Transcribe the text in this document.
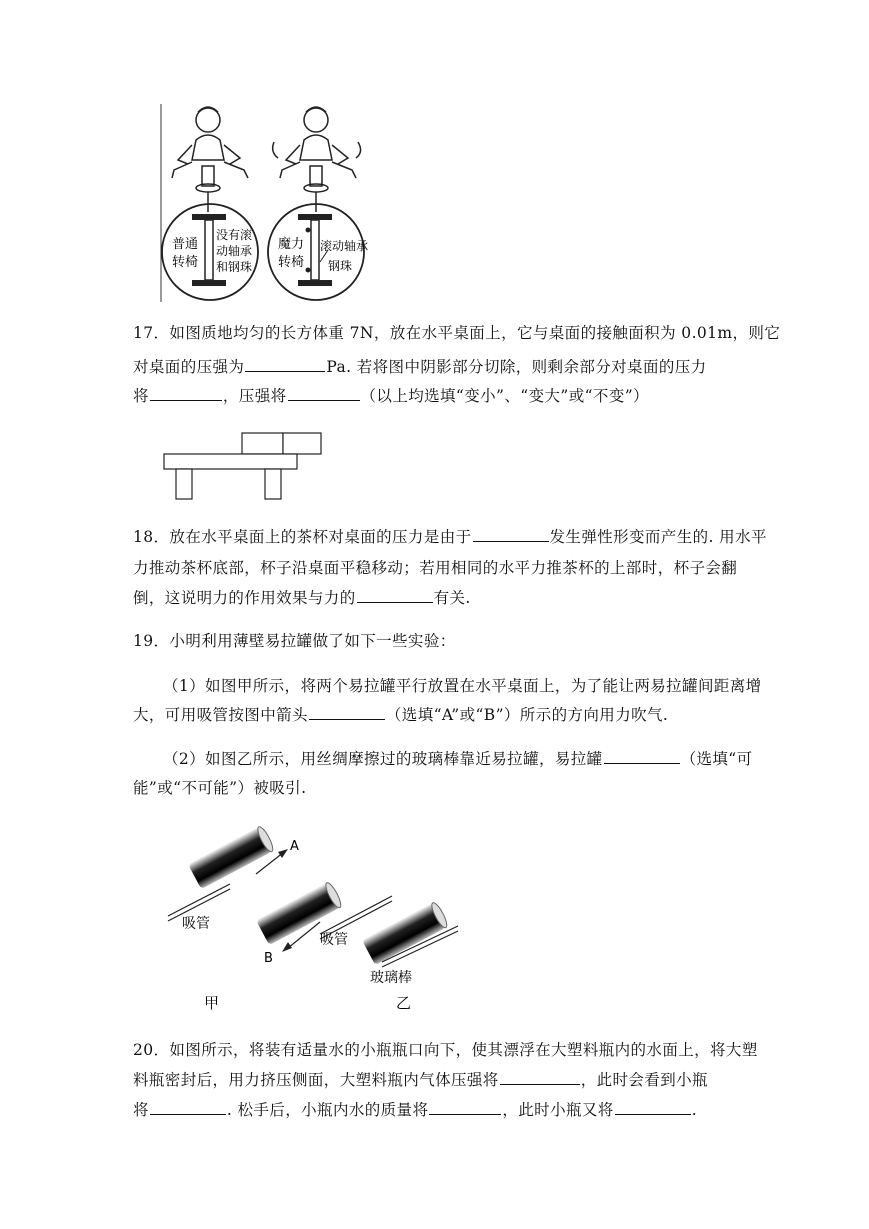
普通
转椅
没有滚
动轴承
和钢珠
魔力
转椅
滚动轴承
钢珠
17．如图质地均匀的长方体重 7N，放在水平桌面上，它与桌面的接触面积为 0.01m，则它
对桌面的压强为	Pa. 若将图中阴影部分切除，则剩余部分对桌面的压力
将	，压强将	（以上均选填“变小”、“变大”或“不变”）
18．放在水平桌面上的茶杯对桌面的压力是由于	发生弹性形变而产生的. 用水平
力推动茶杯底部，杯子沿桌面平稳移动；若用相同的水平力推茶杯的上部时，杯子会翻
倒，这说明力的作用效果与力的	有关.
19．小明利用薄壁易拉罐做了如下一些实验：
（1）如图甲所示，将两个易拉罐平行放置在水平桌面上，为了能让两易拉罐间距离增
大，可用吸管按图中箭头	（选填“A”或“B”）所示的方向用力吹气.
（2）如图乙所示，用丝绸摩擦过的玻璃棒靠近易拉罐，易拉罐	（选填“可
能”或“不可能”）被吸引.
A
吸管
B
吸管
玻璃棒
甲	乙
20．如图所示，将装有适量水的小瓶瓶口向下，使其漂浮在大塑料瓶内的水面上，将大塑
料瓶密封后，用力挤压侧面，大塑料瓶内气体压强将	，此时会看到小瓶
将	. 松手后，小瓶内水的质量将	，此时小瓶又将	.
